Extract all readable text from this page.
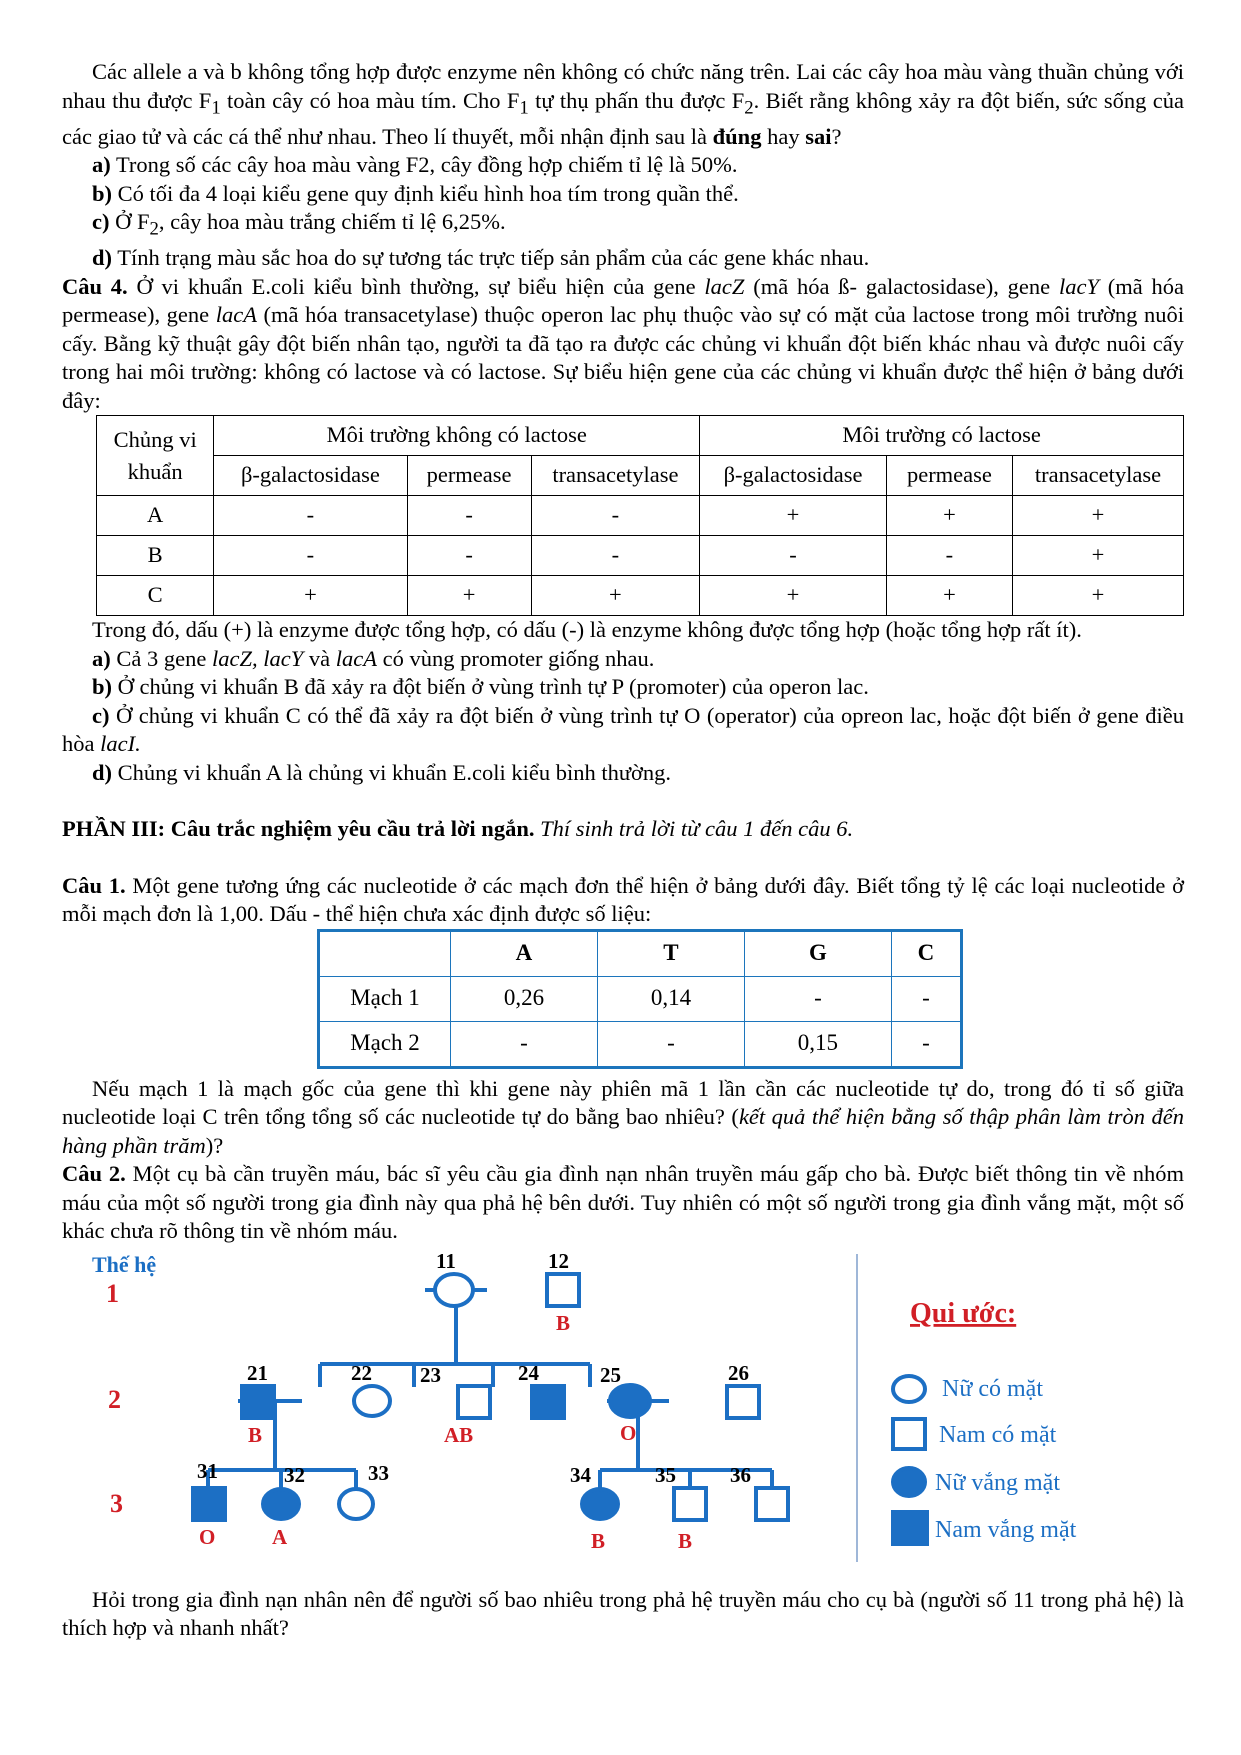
Các allele a và b không tổng hợp được enzyme nên không có chức năng trên. Lai các cây hoa màu vàng thuần chủng với nhau thu được $F_1$ toàn cây có hoa màu tím. Cho $F_1$ tự thụ phấn thu được $F_2$. Biết rằng không xảy ra đột biến, sức sống của các giao tử và các cá thể như nhau. Theo lí thuyết, mỗi nhận định sau là đúng hay sai?

a) Trong số các cây hoa màu vàng F2, cây đồng hợp chiếm tỉ lệ là 50%.

b) Có tối đa 4 loại kiểu gene quy định kiểu hình hoa tím trong quần thể.

c) Ở $F_2$, cây hoa màu trắng chiếm tỉ lệ 6,25%.

d) Tính trạng màu sắc hoa do sự tương tác trực tiếp sản phẩm của các gene khác nhau.

Câu 4. Ở vi khuẩn E.coli kiểu bình thường, sự biểu hiện của gene lacZ (mã hóa ß- galactosidase), gene lacY (mã hóa permease), gene lacA (mã hóa transacetylase) thuộc operon lac phụ thuộc vào sự có mặt của lactose trong môi trường nuôi cấy. Bằng kỹ thuật gây đột biến nhân tạo, người ta đã tạo ra được các chủng vi khuẩn đột biến khác nhau và được nuôi cấy trong hai môi trường: không có lactose và có lactose. Sự biểu hiện gene của các chủng vi khuẩn được thể hiện ở bảng dưới đây:

Chủng vi
khuẩn	Môi trường không có lactose			Môi trường có lactose		
	β-galactosidase	permease	transacetylase	β-galactosidase	permease	transacetylase
A	-	-	-	+	+	+
B	-	-	-	-	-	+
C	+	+	+	+	+	+

Trong đó, dấu (+) là enzyme được tổng hợp, có dấu (-) là enzyme không được tổng hợp (hoặc tổng hợp rất ít).

a) Cả 3 gene lacZ, lacY và lacA có vùng promoter giống nhau.

b) Ở chủng vi khuẩn B đã xảy ra đột biến ở vùng trình tự P (promoter) của operon lac.

c) Ở chủng vi khuẩn C có thể đã xảy ra đột biến ở vùng trình tự O (operator) của opreon lac, hoặc đột biến ở gene điều hòa lacI.

d) Chủng vi khuẩn A là chủng vi khuẩn E.coli kiểu bình thường.

PHẦN III: Câu trắc nghiệm yêu cầu trả lời ngắn. Thí sinh trả lời từ câu 1 đến câu 6.

Câu 1. Một gene tương ứng các nucleotide ở các mạch đơn thể hiện ở bảng dưới đây. Biết tổng tỷ lệ các loại nucleotide ở mỗi mạch đơn là 1,00. Dấu - thể hiện chưa xác định được số liệu:

	A	T	G	C
Mạch 1	0,26	0,14	-	-
Mạch 2	-	-	0,15	-

Nếu mạch 1 là mạch gốc của gene thì khi gene này phiên mã 1 lần cần các nucleotide tự do, trong đó tỉ số giữa nucleotide loại C trên tổng tổng số các nucleotide tự do bằng bao nhiêu? (kết quả thể hiện bằng số thập phân làm tròn đến hàng phần trăm)?

Câu 2. Một cụ bà cần truyền máu, bác sĩ yêu cầu gia đình nạn nhân truyền máu gấp cho bà. Được biết thông tin về nhóm máu của một số người trong gia đình này qua phả hệ bên dưới. Tuy nhiên có một số người trong gia đình vắng mặt, một số khác chưa rõ thông tin về nhóm máu.

Thế hệ
1
2
3
11	12
21	22 23	24	25	26
31	32	33	34	35	36
B
B	AB	O
O	A	B	B
Qui ước:
Nữ có mặt
Nam có mặt
Nữ vắng mặt
Nam vắng mặt

Hỏi trong gia đình nạn nhân nên để người số bao nhiêu trong phả hệ truyền máu cho cụ bà (người số 11 trong phả hệ) là thích hợp và nhanh nhất?
